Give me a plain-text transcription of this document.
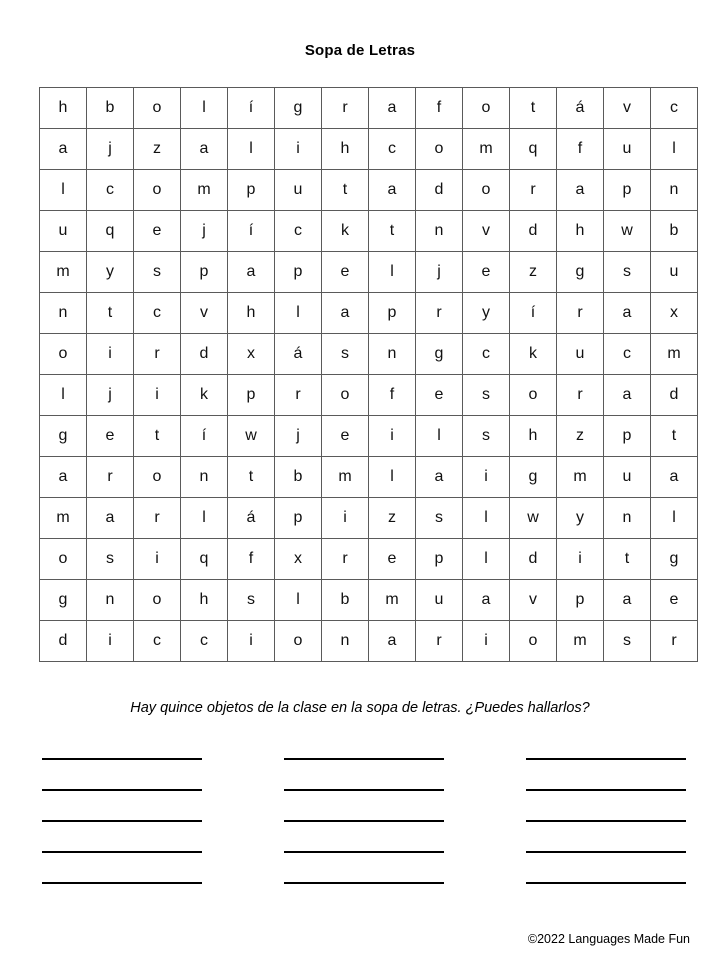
Sopa de Letras
h	b	o	l	í	g	r	a	f	o	t	á	v	c
a	j	z	a	l	i	h	c	o	m	q	f	u	l
l	c	o	m	p	u	t	a	d	o	r	a	p	n
u	q	e	j	í	c	k	t	n	v	d	h	w	b
m	y	s	p	a	p	e	l	j	e	z	g	s	u
n	t	c	v	h	l	a	p	r	y	í	r	a	x
o	i	r	d	x	á	s	n	g	c	k	u	c	m
l	j	i	k	p	r	o	f	e	s	o	r	a	d
g	e	t	í	w	j	e	i	l	s	h	z	p	t
a	r	o	n	t	b	m	l	a	i	g	m	u	a
m	a	r	l	á	p	i	z	s	l	w	y	n	l
o	s	i	q	f	x	r	e	p	l	d	i	t	g
g	n	o	h	s	l	b	m	u	a	v	p	a	e
d	i	c	c	i	o	n	a	r	i	o	m	s	r
Hay quince objetos de la clase en la sopa de letras. ¿Puedes hallarlos?
©2022 Languages Made Fun
